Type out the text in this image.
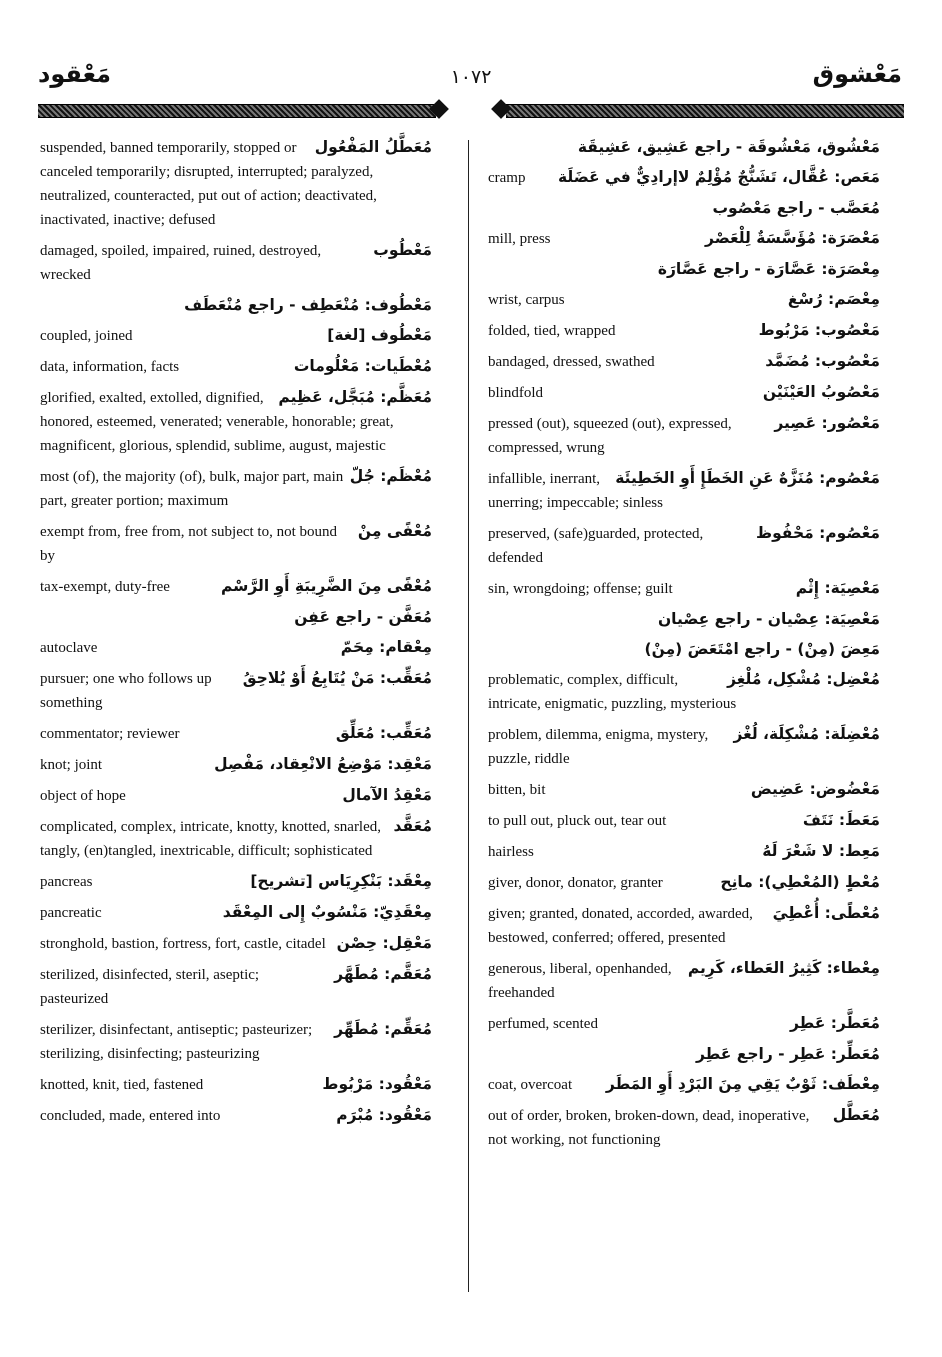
مَعْشوق
١٠٧٢
مَعْقود
مُعَطَّلُ المَفْعُول
suspended, banned temporarily, stopped or canceled temporarily; disrupted, interrupted; paralyzed, neutralized, counteracted, put out of action; deactivated, inactivated, inactive; defused
مَعْطُوب
damaged, spoiled, impaired, ruined, destroyed, wrecked
مَعْطُوف: مُنْعَطِف - راجع مُنْعَطَف
مَعْطُوف [لغة]
coupled, joined
مُعْطَيات: مَعْلُومات
data, information, facts
مُعَظَّم: مُبَجَّل، عَظِيم
glorified, exalted, extolled, dignified, honored, esteemed, venerated; venerable, honorable; great, magnificent, glorious, splendid, sublime, august, majestic
مُعْظَم: جُلّ
most (of), the majority (of), bulk, major part, main part, greater portion; maximum
مُعْفًى مِنْ
exempt from, free from, not subject to, not bound by
مُعْفًى مِنَ الضَّرِيبَةِ أَوِ الرَّسْم
tax-exempt, duty-free
مُعَفَّن - راجع عَفِن
مِعْقام: مِحَمّ
autoclave
مُعَقِّب: مَنْ يُتَابِعُ أَوْ يُلاحِقُ
pursuer; one who follows up something
مُعَقِّب: مُعَلِّق
commentator; reviewer
مَعْقِد: مَوْضِعُ الانْعِقاد، مَفْصِل
knot; joint
مَعْقِدُ الآمال
object of hope
مُعَقَّد
complicated, complex, intricate, knotty, knotted, snarled, tangly, (en)tangled, inextricable, difficult; sophisticated
مِعْقَد: بَنْكِرِيَاس [تشريح]
pancreas
مِعْقَدِيّ: مَنْسُوبٌ إِلى المِعْقَد
pancreatic
مَعْقِل: حِصْن
stronghold, bastion, fortress, fort, castle, citadel
مُعَقَّم: مُطَهَّر
sterilized, disinfected, steril, aseptic; pasteurized
مُعَقِّم: مُطَهِّر
sterilizer, disinfectant, antiseptic; pasteurizer; sterilizing, disinfecting; pasteurizing
مَعْقُود: مَرْبُوط
knotted, knit, tied, fastened
مَعْقُود: مُبْرَم
concluded, made, entered into
مَعْشُوق، مَعْشُوقَة - راجع عَشِيق، عَشِيقَة
مَعَص: عُقَّال، تَشَنُّجٌ مُؤْلِمٌ لاإرادِيٌّ في عَضَلَة
cramp
مُعَصَّب - راجع مَعْصُوب
مَعْصَرَة: مُؤَسَّسَةٌ لِلْعَصْر
mill, press
مِعْصَرَة: عَصَّارَة - راجع عَصَّارَة
مِعْصَم: رُسْغ
wrist, carpus
مَعْصُوب: مَرْبُوط
folded, tied, wrapped
مَعْصُوب: مُضَمَّد
bandaged, dressed, swathed
مَعْصُوبُ العَيْنَيْن
blindfold
مَعْصُور: عَصِير
pressed (out), squeezed (out), expressed, compressed, wrung
مَعْصُوم: مُنَزَّهٌ عَنِ الخَطَإِ أَوِ الخَطِيئَة
infallible, inerrant, unerring; impeccable; sinless
مَعْصُوم: مَحْفُوظ
preserved, (safe)guarded, protected, defended
مَعْصِيَة: إِثْم
sin, wrongdoing; offense; guilt
مَعْصِيَة: عِصْيان - راجع عِصْيان
مَعِضَ (مِنْ) - راجع امْتَعَضَ (مِنْ)
مُعْضِل: مُشْكِل، مُلْغِز
problematic, complex, difficult, intricate, enigmatic, puzzling, mysterious
مُعْضِلَة: مُشْكِلَة، لُغْز
problem, dilemma, enigma, mystery, puzzle, riddle
مَعْضُوض: عَضِيض
bitten, bit
مَعَطَ: نَتَفَ
to pull out, pluck out, tear out
مَعِط: لا شَعْرَ لَهُ
hairless
مُعْطٍ (المُعْطِي): مانِح
giver, donor, donator, granter
مُعْطًى: أُعْطِيَ
given; granted, donated, accorded, awarded, bestowed, conferred; offered, presented
مِعْطاء: كَثِيرُ العَطاء، كَرِيم
generous, liberal, openhanded, freehanded
مُعَطَّر: عَطِر
perfumed, scented
مُعَطِّر: عَطِر - راجع عَطِر
مِعْطَف: ثَوْبٌ يَقِي مِنَ البَرْدِ أَوِ المَطَر
coat, overcoat
مُعَطَّل
out of order, broken, broken-down, dead, inoperative, not working, not functioning
